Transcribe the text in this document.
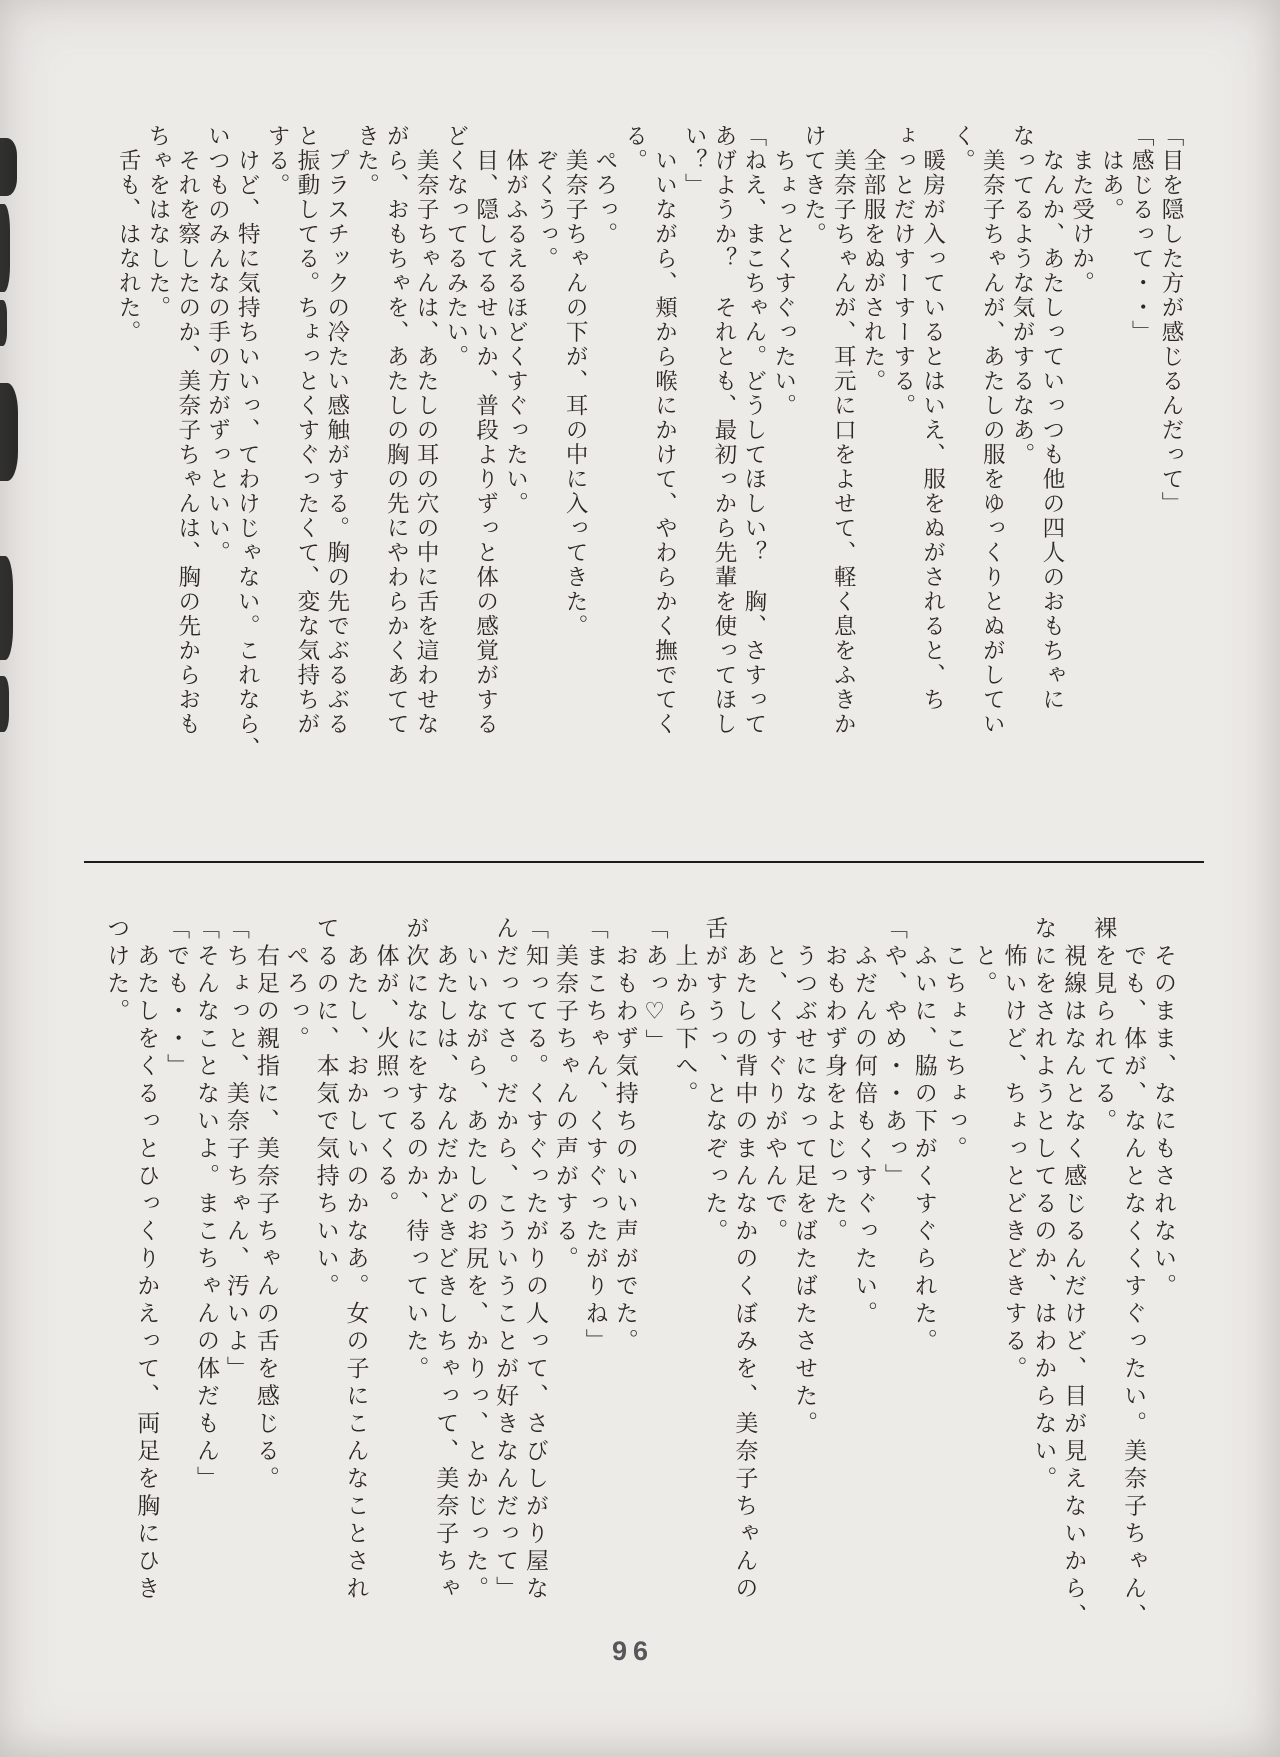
「目を隠した方が感じるんだって」

「感じるって・・」

　はあ。

　また受けか。

　なんか、あたしっていっつも他の四人のおもちゃに

なってるような気がするなあ。

　美奈子ちゃんが、あたしの服をゆっくりとぬがしてい

く。

　暖房が入っているとはいえ、服をぬがされると、ち

ょっとだけすーすーする。

　全部服をぬがされた。

　美奈子ちゃんが、耳元に口をよせて、軽く息をふきか

けてきた。

　ちょっとくすぐったい。

「ねえ、まこちゃん。どうしてほしい？　胸、さすって

あげようか？　それとも、最初っから先輩を使ってほし

い？」

　いいながら、頬から喉にかけて、やわらかく撫でてく

る。

　ぺろっ。

　美奈子ちゃんの下が、耳の中に入ってきた。

　ぞくうっ。

　体がふるえるほどくすぐったい。

　目、隠してるせいか、普段よりずっと体の感覚がする

どくなってるみたい。

　美奈子ちゃんは、あたしの耳の穴の中に舌を這わせな

がら、おもちゃを、あたしの胸の先にやわらかくあてて

きた。

　プラスチックの冷たい感触がする。胸の先でぶるぶる

と振動してる。ちょっとくすぐったくて、変な気持ちが

する。

　けど、特に気持ちいいっ、てわけじゃない。これなら、

いつものみんなの手の方がずっといい。

　それを察したのか、美奈子ちゃんは、胸の先からおも

ちゃをはなした。

　舌も、はなれた。

　そのまま、なにもされない。

　でも、体が、なんとなくくすぐったい。美奈子ちゃん、

裸を見られてる。

　視線はなんとなく感じるんだけど、目が見えないから、

なにをされようとしてるのか、はわからない。

　怖いけど、ちょっとどきどきする。

　と。

　こちょこちょっ。

　ふいに、脇の下がくすぐられた。

「や、やめ・・あっ」

　ふだんの何倍もくすぐったい。

　おもわず身をよじった。

　うつぶせになって足をばたばたさせた。

　と、くすぐりがやんで。

　あたしの背中のまんなかのくぼみを、美奈子ちゃんの

舌がすうっ、となぞった。

　上から下へ。

「あっ♡」

　おもわず気持ちのいい声がでた。

「まこちゃん、くすぐったがりね」

　美奈子ちゃんの声がする。

「知ってる。くすぐったがりの人って、さびしがり屋な

んだってさ。だから、こういうことが好きなんだって」

　いいながら、あたしのお尻を、かりっ、とかじった。

　あたしは、なんだかどきどきしちゃって、美奈子ちゃ

が次になにをするのか、待っていた。

　体が、火照ってくる。

　あたし、おかしいのかなあ。女の子にこんなことされ

てるのに、本気で気持ちいい。

　ぺろっ。

　右足の親指に、美奈子ちゃんの舌を感じる。

「ちょっと、美奈子ちゃん、汚いよ」

「そんなことないよ。まこちゃんの体だもん」

「でも・・」

　あたしをくるっとひっくりかえって、両足を胸にひき

つけた。

96
